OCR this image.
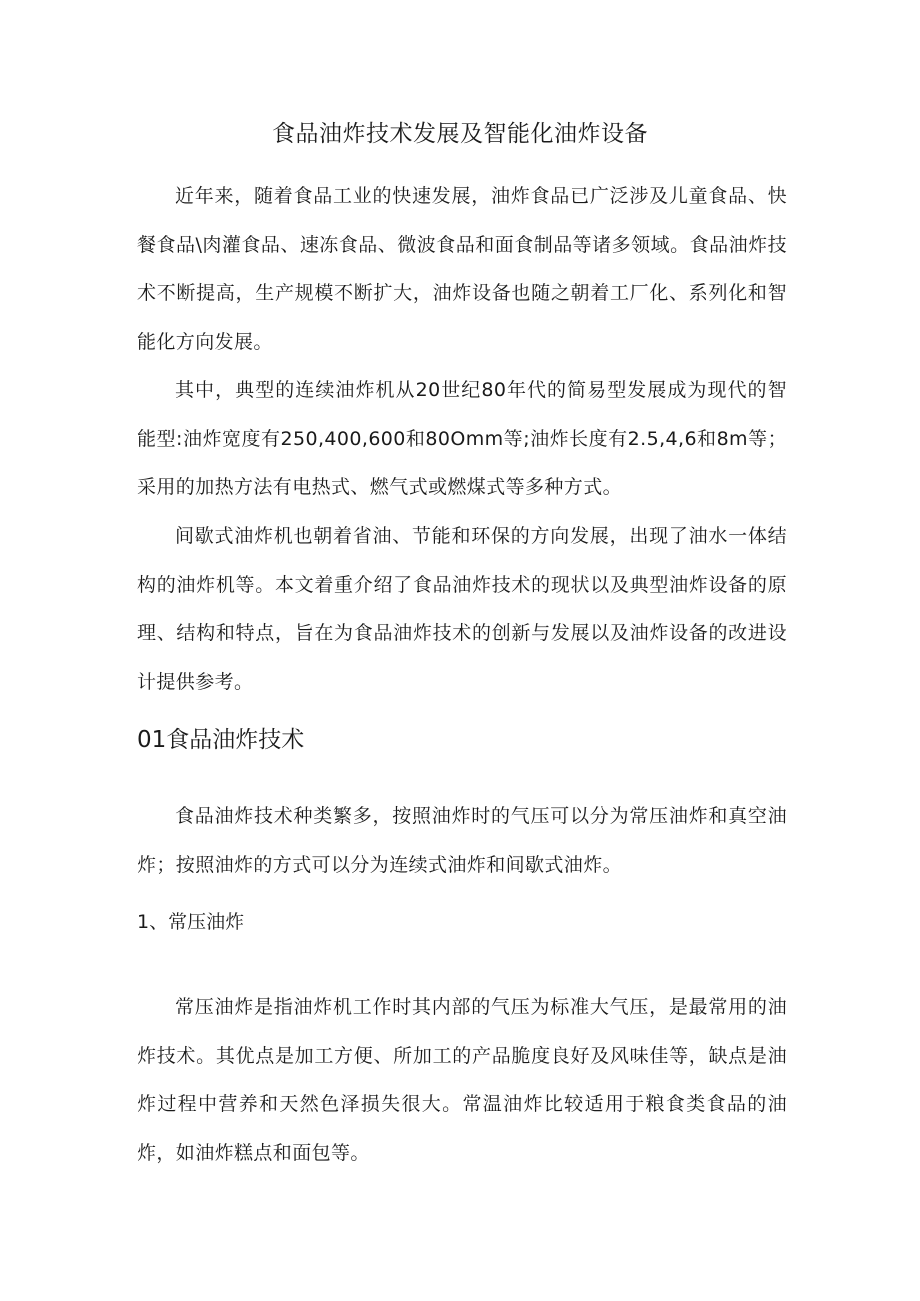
食品油炸技术发展及智能化油炸设备

近年来，随着食品工业的快速发展，油炸食品已广泛涉及儿童食品、快餐食品\肉灌食品、速冻食品、微波食品和面食制品等诸多领域。食品油炸技术不断提高，生产规模不断扩大，油炸设备也随之朝着工厂化、系列化和智能化方向发展。

其中，典型的连续油炸机从20世纪80年代的简易型发展成为现代的智能型:油炸宽度有250,400,600和80Omm等;油炸长度有2.5,4,6和8m等；采用的加热方法有电热式、燃气式或燃煤式等多种方式。

间歇式油炸机也朝着省油、节能和环保的方向发展，出现了油水一体结构的油炸机等。本文着重介绍了食品油炸技术的现状以及典型油炸设备的原理、结构和特点，旨在为食品油炸技术的创新与发展以及油炸设备的改进设计提供参考。

01食品油炸技术

食品油炸技术种类繁多，按照油炸时的气压可以分为常压油炸和真空油炸；按照油炸的方式可以分为连续式油炸和间歇式油炸。

1、常压油炸

常压油炸是指油炸机工作时其内部的气压为标准大气压，是最常用的油炸技术。其优点是加工方便、所加工的产品脆度良好及风味佳等，缺点是油炸过程中营养和天然色泽损失很大。常温油炸比较适用于粮食类食品的油炸，如油炸糕点和面包等。
